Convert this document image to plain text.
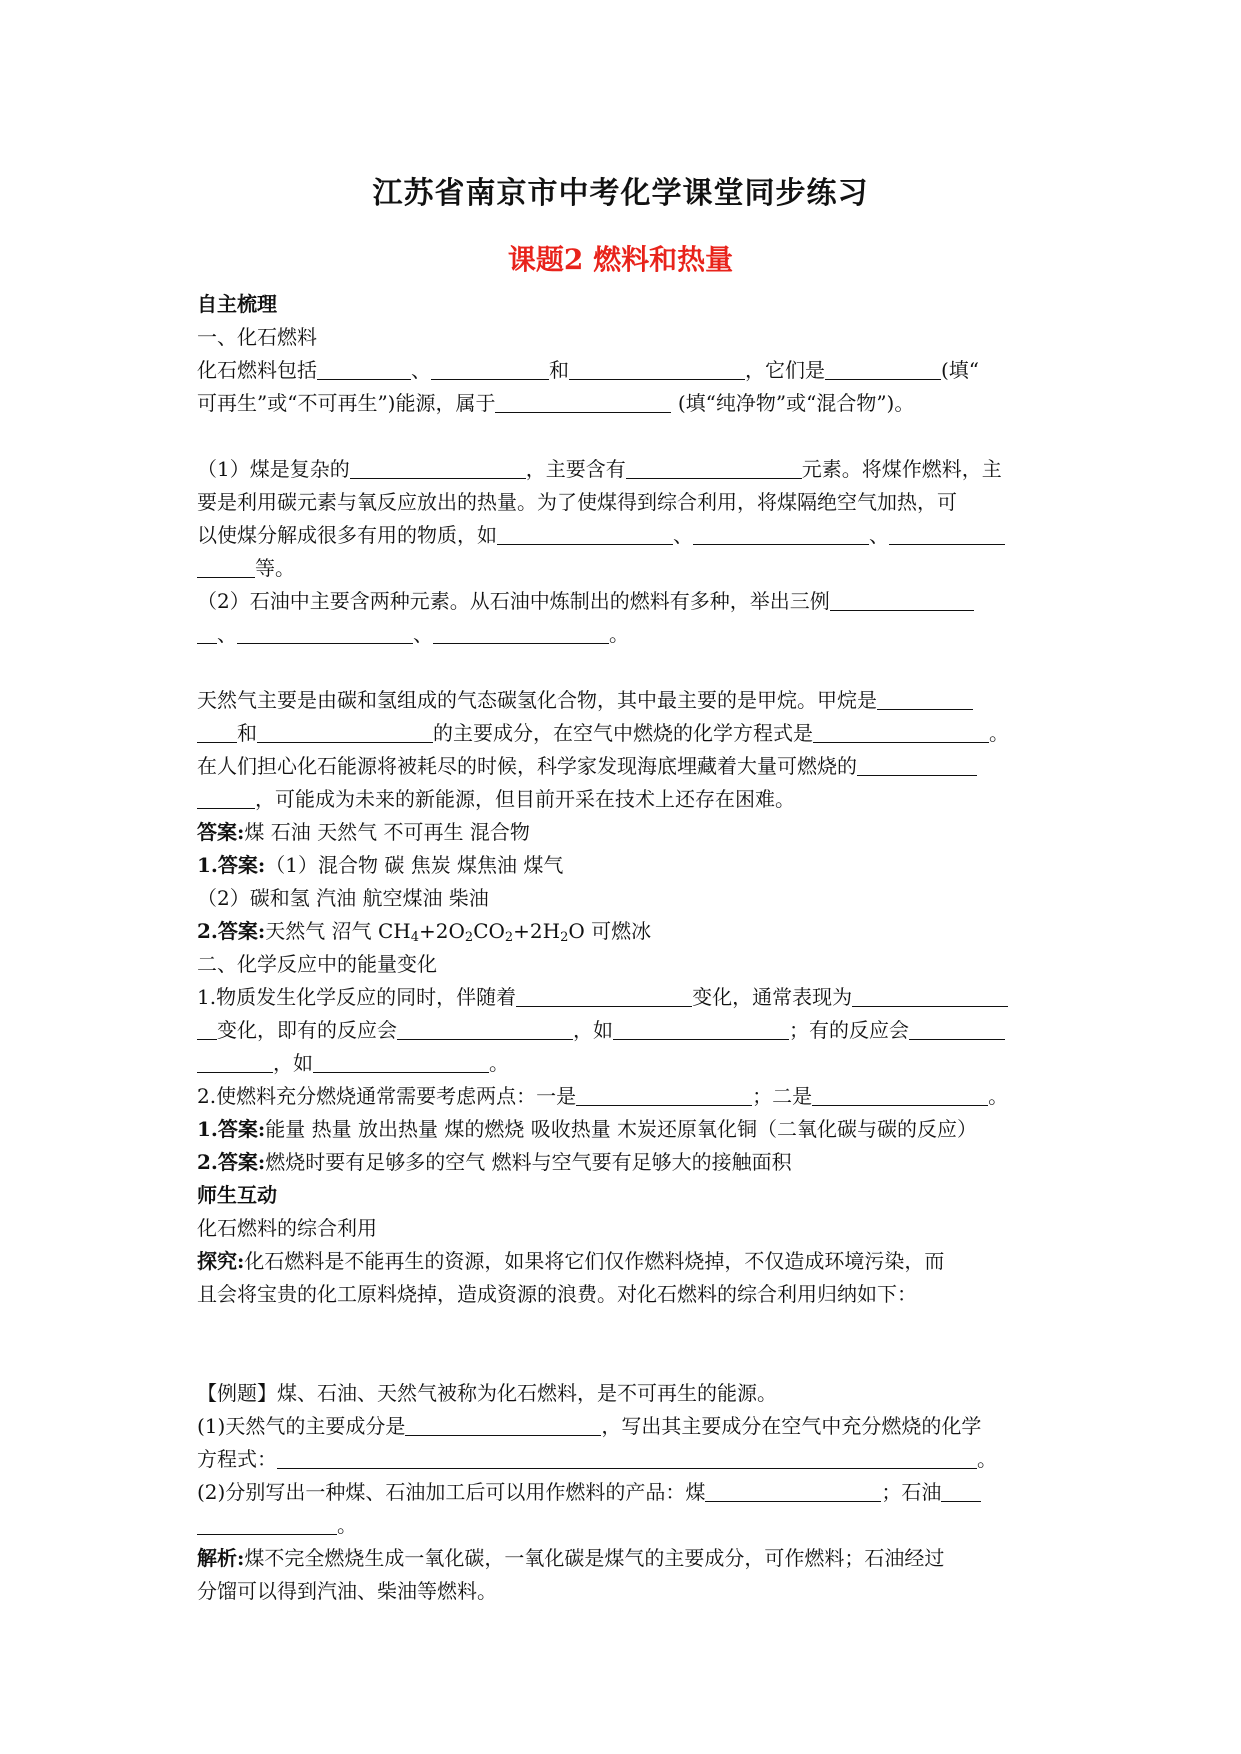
江苏省南京市中考化学课堂同步练习
课题2 燃料和热量
自主梳理
一、化石燃料
化石燃料包括	、	和	，它们是	(填“
可再生”或“不可再生”)能源，属于	(填“纯净物”或“混合物”)。
（1）煤是复杂的	，主要含有	元素。将煤作燃料，主
要是利用碳元素与氧反应放出的热量。为了使煤得到综合利用，将煤隔绝空气加热，可
以使煤分解成很多有用的物质，如	、	、
等。
（2）石油中主要含两种元素。从石油中炼制出的燃料有多种，举出三例
、	、	。
天然气主要是由碳和氢组成的气态碳氢化合物，其中最主要的是甲烷。甲烷是
和	的主要成分，在空气中燃烧的化学方程式是	。
在人们担心化石能源将被耗尽的时候，科学家发现海底埋藏着大量可燃烧的
，可能成为未来的新能源，但目前开采在技术上还存在困难。
答案:煤 石油 天然气 不可再生 混合物
1.答案:（1）混合物 碳 焦炭 煤焦油 煤气
（2）碳和氢 汽油 航空煤油 柴油
2.答案:天然气 沼气 $CH_4+2O_2CO_2+2H_2O$ 可燃冰
二、化学反应中的能量变化
1.物质发生化学反应的同时，伴随着	变化，通常表现为
变化，即有的反应会	，如	；有的反应会
，如	。
2.使燃料充分燃烧通常需要考虑两点：一是	；二是	。
1.答案:能量 热量 放出热量 煤的燃烧 吸收热量 木炭还原氧化铜（二氧化碳与碳的反应）
2.答案:燃烧时要有足够多的空气 燃料与空气要有足够大的接触面积
师生互动
化石燃料的综合利用
探究:化石燃料是不能再生的资源，如果将它们仅作燃料烧掉，不仅造成环境污染，而
且会将宝贵的化工原料烧掉，造成资源的浪费。对化石燃料的综合利用归纳如下：
【例题】煤、石油、天然气被称为化石燃料，是不可再生的能源。
(1)天然气的主要成分是	，写出其主要成分在空气中充分燃烧的化学
方程式：	。
(2)分别写出一种煤、石油加工后可以用作燃料的产品：煤	；石油
。
解析:煤不完全燃烧生成一氧化碳，一氧化碳是煤气的主要成分，可作燃料；石油经过
分馏可以得到汽油、柴油等燃料。
